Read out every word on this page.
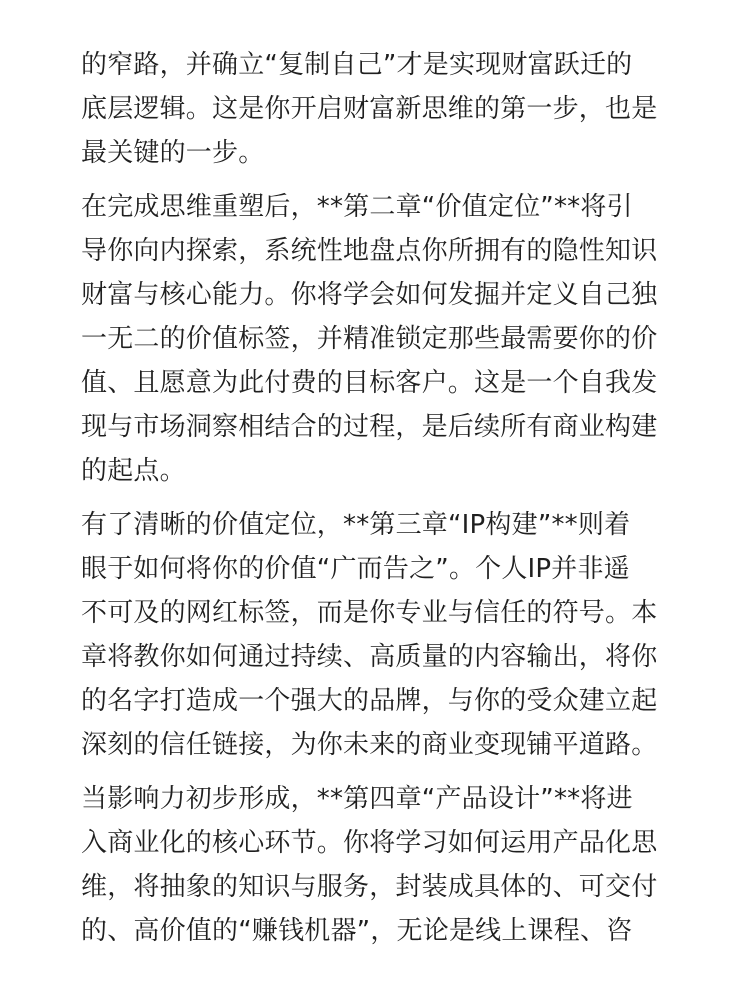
的窄路，并确立“复制自己”才是实现财富跃迁的
底层逻辑。这是你开启财富新思维的第一步，也是
最关键的一步。

在完成思维重塑后，**第二章“价值定位”**将引
导你向内探索，系统性地盘点你所拥有的隐性知识
财富与核心能力。你将学会如何发掘并定义自己独
一无二的价值标签，并精准锁定那些最需要你的价
值、且愿意为此付费的目标客户。这是一个自我发
现与市场洞察相结合的过程，是后续所有商业构建
的起点。

有了清晰的价值定位，**第三章“IP构建”**则着
眼于如何将你的价值“广而告之”。个人IP并非遥
不可及的网红标签，而是你专业与信任的符号。本
章将教你如何通过持续、高质量的内容输出，将你
的名字打造成一个强大的品牌，与你的受众建立起
深刻的信任链接，为你未来的商业变现铺平道路。

当影响力初步形成，**第四章“产品设计”**将进
入商业化的核心环节。你将学习如何运用产品化思
维，将抽象的知识与服务，封装成具体的、可交付
的、高价值的“赚钱机器”，无论是线上课程、咨
